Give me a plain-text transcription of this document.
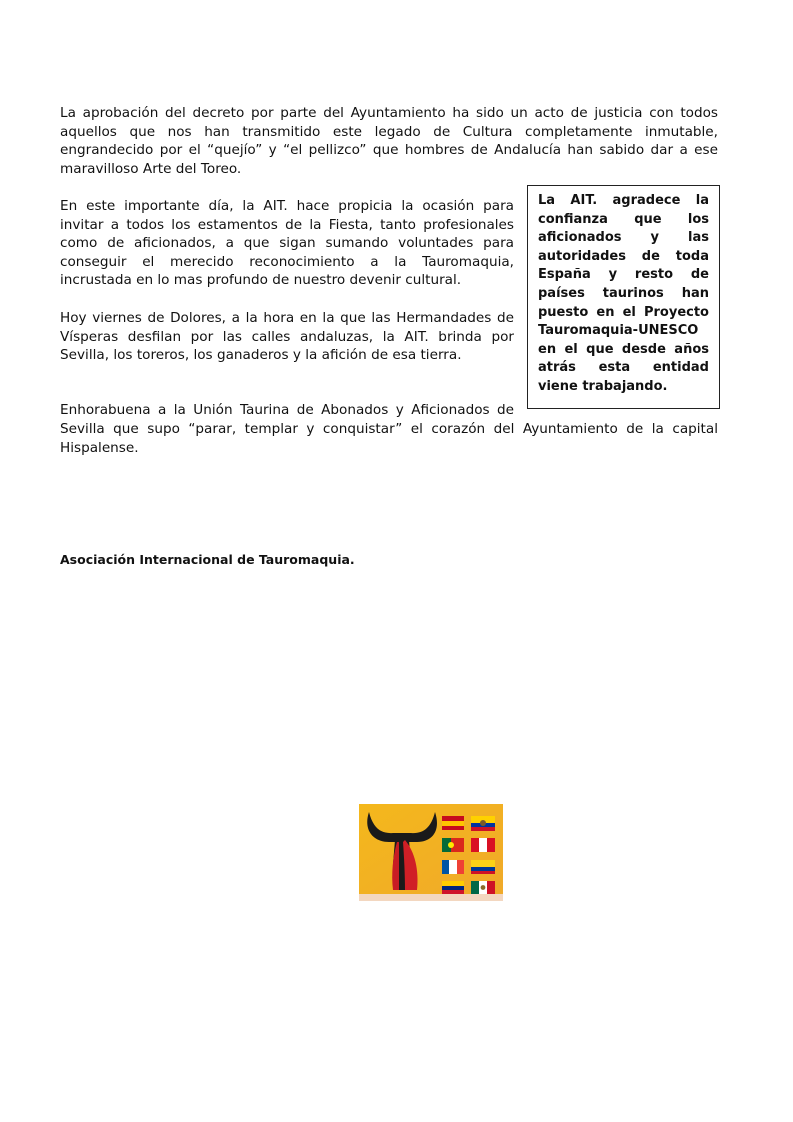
La aprobación del decreto por parte del Ayuntamiento ha sido un acto de justicia con todos aquellos que nos han transmitido este legado de Cultura completamente inmutable, engrandecido por el “quejío” y “el pellizco” que hombres de Andalucía han sabido dar a ese maravilloso Arte del Toreo.

En este importante día, la AIT. hace propicia la ocasión para invitar a todos los estamentos de la Fiesta, tanto profesionales como de aficionados, a que sigan sumando voluntades para conseguir el merecido reconocimiento a la Tauromaquia, incrustada en lo mas profundo de nuestro devenir cultural.

Hoy viernes de Dolores, a la hora en la que las Hermandades de Vísperas desfilan por las calles andaluzas, la AIT. brinda por Sevilla, los toreros, los ganaderos y la afición de esa tierra.

La AIT. agradece la confianza que los aficionados y las autoridades de toda España y resto de países taurinos han puesto en el Proyecto Tauromaquia-UNESCO en el que desde años atrás esta entidad viene trabajando.

Enhorabuena a la Unión Taurina de Abonados y Aficionados de

Sevilla que supo “parar, templar y conquistar” el corazón del Ayuntamiento de la capital Hispalense.

Asociación Internacional de Tauromaquia.
